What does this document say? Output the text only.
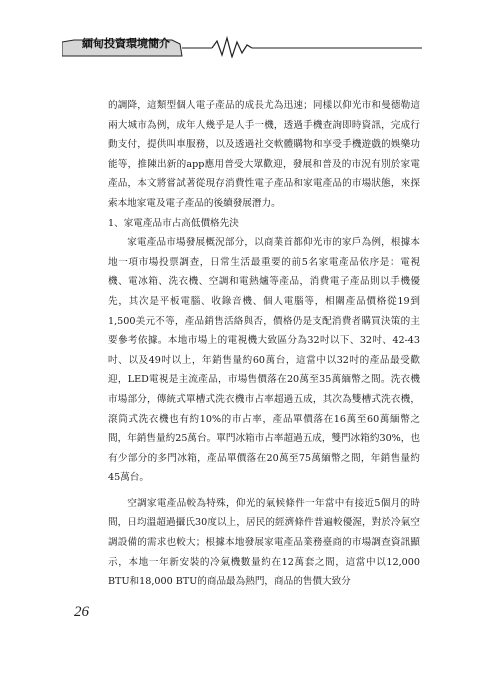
緬甸投資環境簡介

的調降，這類型個人電子產品的成長尤為迅速；同樣以仰光市和曼德勒這兩大城市為例，成年人幾乎是人手一機，透過手機查詢即時資訊，完成行動支付，提供叫車服務，以及透過社交軟體購物和享受手機遊戲的娛樂功能等，推陳出新的app應用普受大眾歡迎，發展和普及的市況有別於家電產品，本文將嘗試著從現存消費性電子產品和家電產品的市場狀態，來探索本地家電及電子產品的後續發展潛力。

1、家電產品市占高低價格先決

家電產品市場發展概況部分，以商業首都仰光市的家戶為例，根據本地一項市場投票調查，日常生活最重要的前5名家電產品依序是：電視機、電冰箱、洗衣機、空調和電熱爐等產品，消費電子產品則以手機優先，其次是平板電腦、收錄音機、個人電腦等，相關產品價格從19到1,500美元不等，產品銷售活絡與否，價格仍是支配消費者購買決策的主要參考依據。本地市場上的電視機大致區分為32吋以下、32吋、42-43吋、以及49吋以上，年銷售量約60萬台，這當中以32吋的產品最受歡迎，LED電視是主流產品，市場售價落在20萬至35萬緬幣之間。洗衣機市場部分，傳統式單槽式洗衣機市占率超過五成，其次為雙槽式洗衣機，滾筒式洗衣機也有約10%的市占率，產品單價落在16萬至60萬緬幣之間，年銷售量約25萬台。單門冰箱市占率超過五成，雙門冰箱約30%，也有少部分的多門冰箱，產品單價落在20萬至75萬緬幣之間，年銷售量約45萬台。

空調家電產品較為特殊，仰光的氣候條件一年當中有接近5個月的時間，日均溫超過攝氏30度以上，居民的經濟條件普遍較優渥，對於冷氣空調設備的需求也較大；根據本地發展家電產品業務臺商的市場調查資訊顯示，本地一年新安裝的冷氣機數量約在12萬套之間，這當中以12,000 BTU和18,000 BTU的商品最為熱門，商品的售價大致分

26
